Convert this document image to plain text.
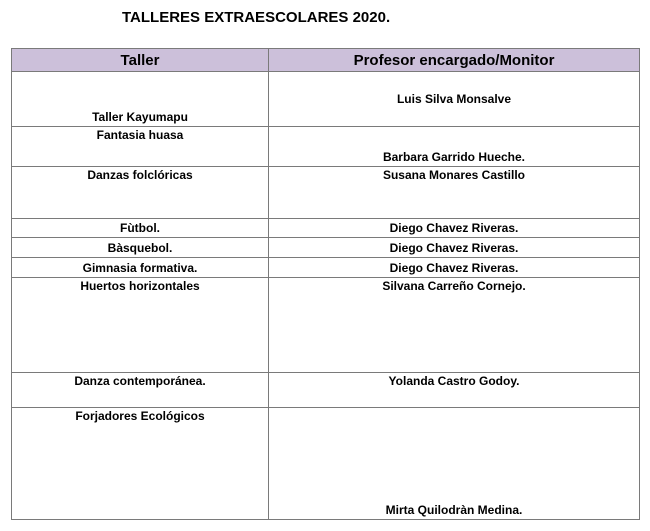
TALLERES EXTRAESCOLARES 2020.
Taller	Profesor encargado/Monitor
Taller Kayumapu	Luis Silva Monsalve
Fantasia huasa	Barbara Garrido Hueche.
Danzas folclóricas	Susana Monares Castillo
Fùtbol.	Diego Chavez Riveras.
Bàsquebol.	Diego Chavez Riveras.
Gimnasia formativa.	Diego Chavez Riveras.
Huertos horizontales	Silvana Carreño Cornejo.
Danza contemporánea.	Yolanda Castro Godoy.
Forjadores Ecológicos	Mirta Quilodràn Medina.
